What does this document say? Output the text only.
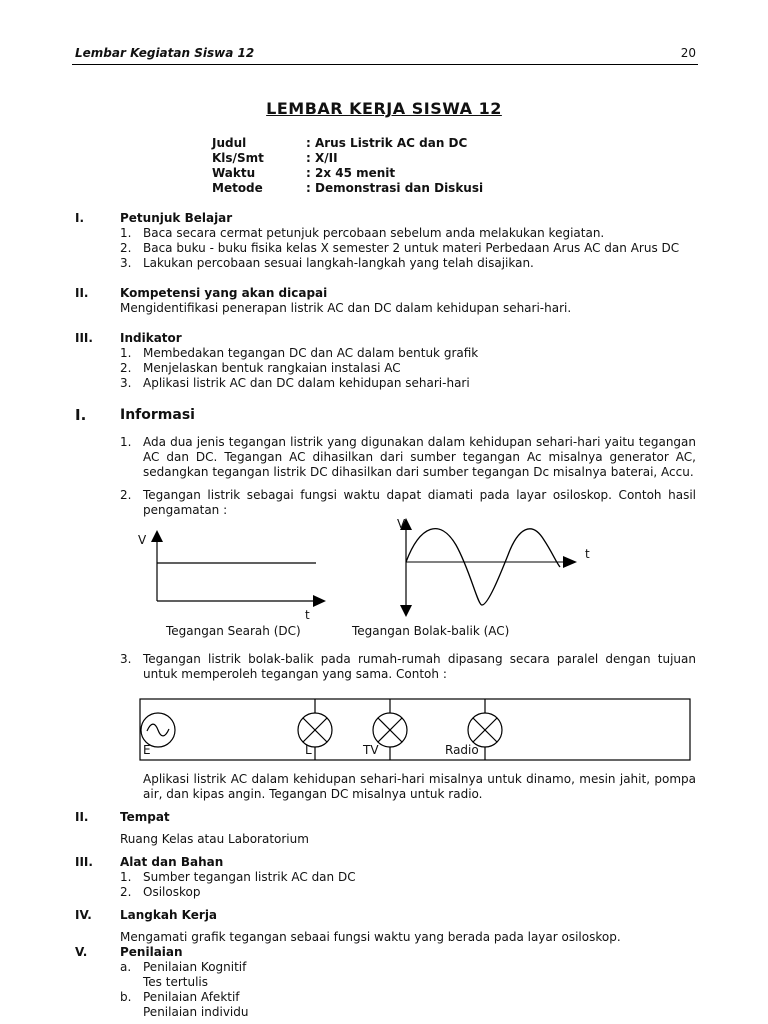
Lembar Kegiatan Siswa 12	20
LEMBAR KERJA SISWA 12
Judul	: Arus Listrik AC dan DC
Kls/Smt	: X/II
Waktu	: 2x 45 menit
Metode	: Demonstrasi dan Diskusi
I.	Petunjuk Belajar
1. Baca secara cermat petunjuk percobaan sebelum anda melakukan kegiatan.
2. Baca buku - buku fisika kelas X semester 2 untuk materi Perbedaan Arus AC dan Arus DC
3. Lakukan percobaan sesuai langkah-langkah yang telah disajikan.
II.	Kompetensi yang akan dicapai
Mengidentifikasi penerapan listrik AC dan DC dalam kehidupan sehari-hari.
III. Indikator
1. Membedakan tegangan DC dan AC dalam bentuk grafik
2. Menjelaskan bentuk rangkaian instalasi AC
3. Aplikasi listrik AC dan DC dalam kehidupan sehari-hari
I. Informasi
1. Ada dua jenis tegangan listrik yang digunakan dalam kehidupan sehari-hari yaitu tegangan AC dan DC. Tegangan AC dihasilkan dari sumber tegangan Ac misalnya generator AC, sedangkan tegangan listrik DC dihasilkan dari sumber tegangan Dc misalnya baterai, Accu.
2. Tegangan listrik sebagai fungsi waktu dapat diamati pada layar osiloskop. Contoh hasil pengamatan :
V
t
Tegangan Searah (DC)
V
t
Tegangan Bolak-balik (AC)
E	L	TV	Radio
3. Tegangan listrik bolak-balik pada rumah-rumah dipasang secara paralel dengan tujuan untuk memperoleh tegangan yang sama. Contoh :
Aplikasi listrik AC dalam kehidupan sehari-hari misalnya untuk dinamo, mesin jahit, pompa air, dan kipas angin. Tegangan DC misalnya untuk radio.
II.	Tempat
Ruang Kelas atau Laboratorium
III. Alat dan Bahan
1. Sumber tegangan listrik AC dan DC
2. Osiloskop
IV. Langkah Kerja
Mengamati grafik tegangan sebaai fungsi waktu yang berada pada layar osiloskop.
V.	Penilaian
a. Penilaian Kognitif
Tes tertulis
b. Penilaian Afektif
Penilaian individu
